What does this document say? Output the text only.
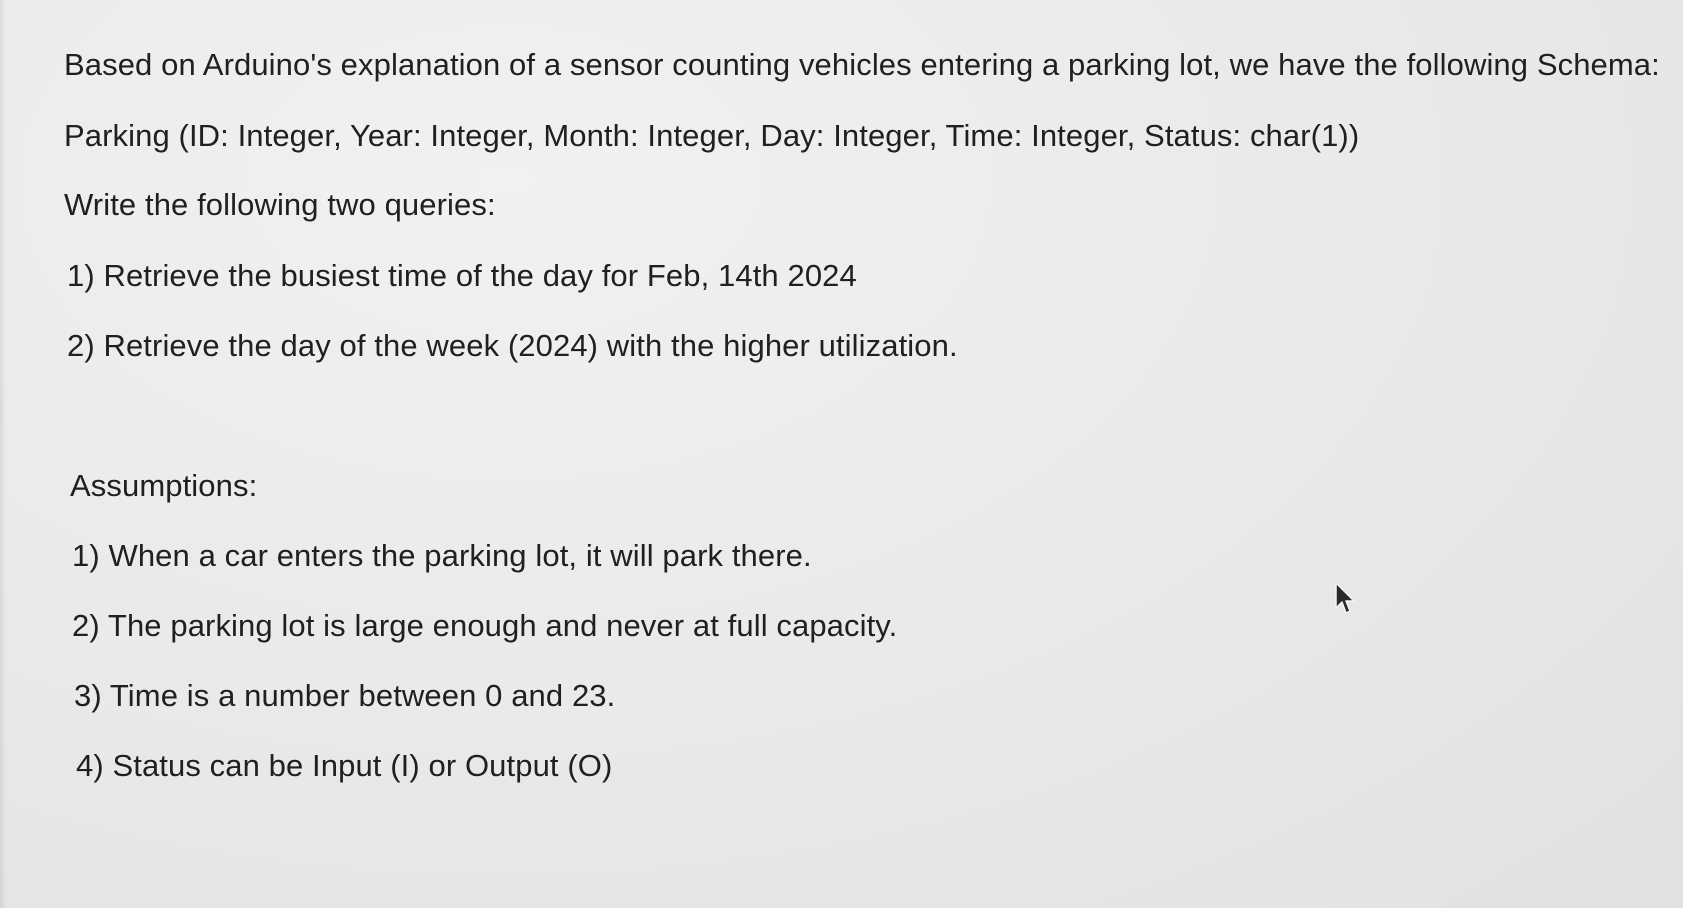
Based on Arduino's explanation of a sensor counting vehicles entering a parking lot, we have the following Schema:

Parking (ID: Integer, Year: Integer, Month: Integer, Day: Integer, Time: Integer, Status: char(1))

Write the following two queries:

1) Retrieve the busiest time of the day for Feb, 14th 2024

2) Retrieve the day of the week (2024) with the higher utilization.

Assumptions:

1) When a car enters the parking lot, it will park there.

2) The parking lot is large enough and never at full capacity.

3) Time is a number between 0 and 23.

4) Status can be Input (I) or Output (O)
